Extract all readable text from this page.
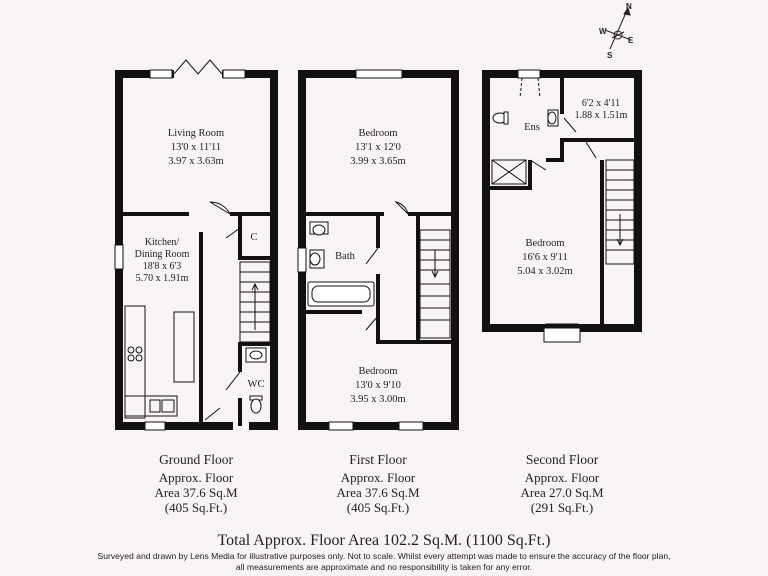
N
W
E
S
Living Room
13'0 x 11'11
3.97 x 3.63m
Kitchen/
Dining Room
18'8 x 6'3
5.70 x 1.91m
C
WC
Bedroom
13'1 x 12'0
3.99 x 3.65m
Bath
Bedroom
13'0 x 9'10
3.95 x 3.00m
Ens
6'2 x 4'11
1.88 x 1.51m
Bedroom
16'6 x 9'11
5.04 x 3.02m
Ground Floor
Approx. Floor
Area 37.6 Sq.M
(405 Sq.Ft.)
First Floor
Approx. Floor
Area 37.6 Sq.M
(405 Sq.Ft.)
Second Floor
Approx. Floor
Area 27.0 Sq.M
(291 Sq.Ft.)
Total Approx. Floor Area 102.2 Sq.M. (1100 Sq.Ft.)
Surveyed and drawn by Lens Media for illustrative purposes only. Not to scale. Whilst every attempt was made to ensure the accuracy of the floor plan,
all measurements are approximate and no responsibility is taken for any error.
